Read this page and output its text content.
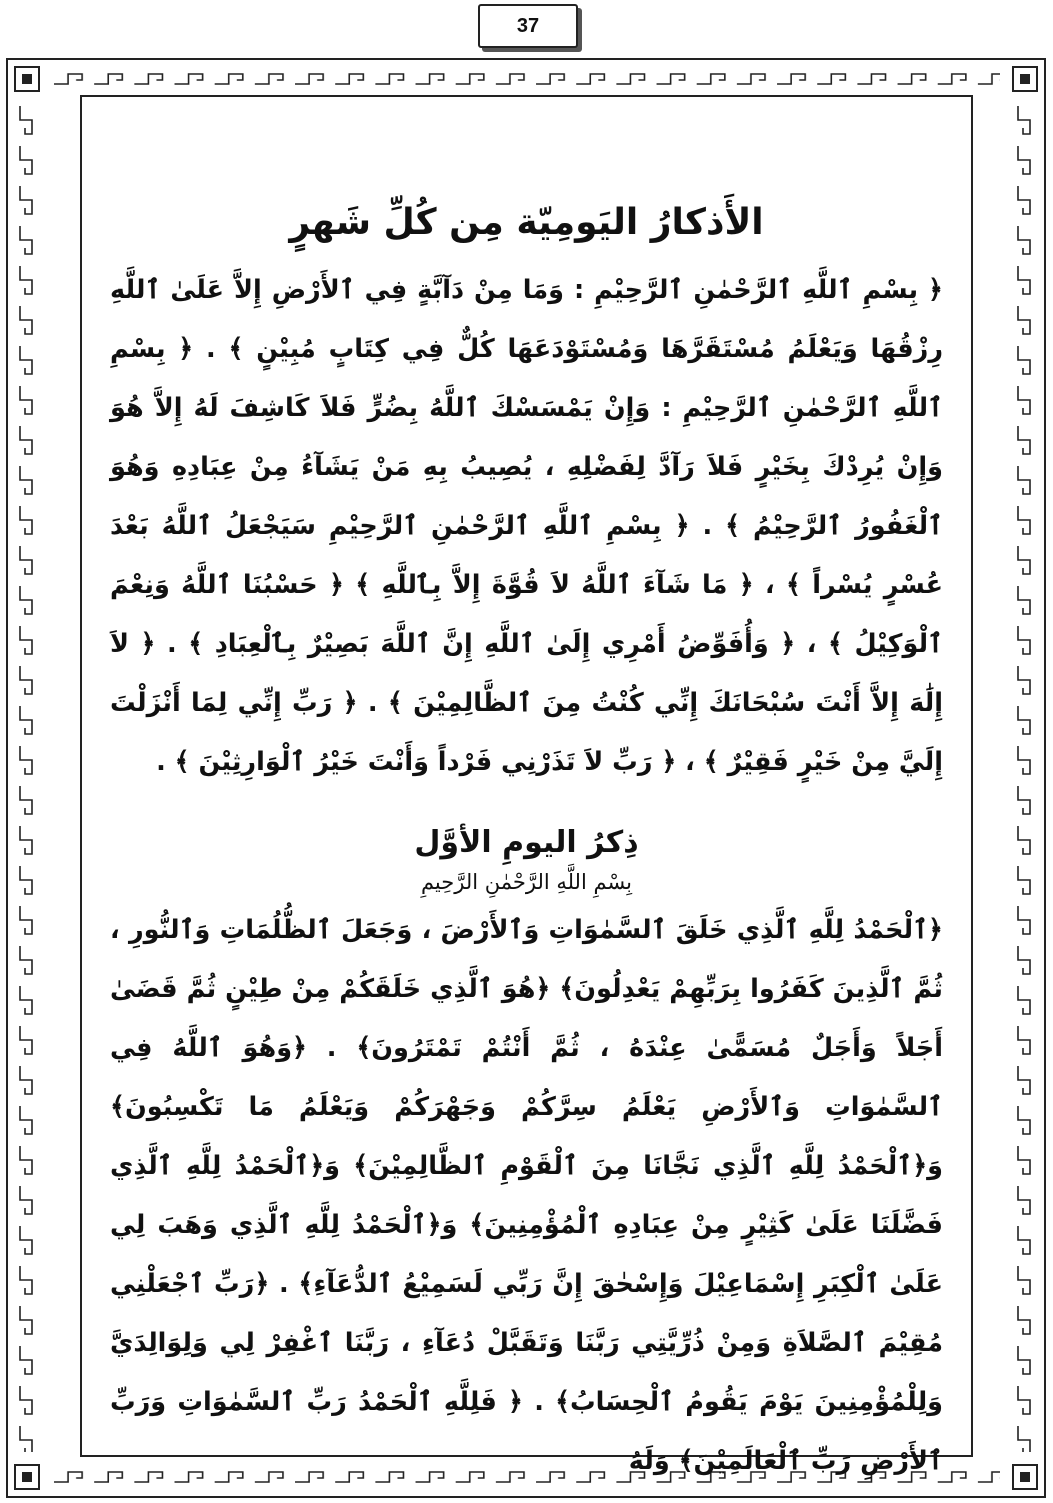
37
الأَذكارُ اليَومِيّة مِن كُلِّ شَهرٍ

﴿ بِسْمِ ٱللَّهِ ٱلرَّحْمٰنِ ٱلرَّحِيْمِ : وَمَا مِنْ دَآبَّةٍ فِي ٱلأَرْضِ إِلاَّ عَلَىٰ ٱللَّهِ رِزْقُهَا وَيَعْلَمُ مُسْتَقَرَّهَا وَمُسْتَوْدَعَهَا كُلٌّ فِي كِتَابٍ مُبِيْنٍ ﴾ . ﴿ بِسْمِ ٱللَّهِ ٱلرَّحْمٰنِ ٱلرَّحِيْمِ : وَإِنْ يَمْسَسْكَ ٱللَّهُ بِضُرٍّ فَلاَ كَاشِفَ لَهُ إِلاَّ هُوَ وَإِنْ يُرِدْكَ بِخَيْرٍ فَلاَ رَآدَّ لِفَضْلِهِ ، يُصِيبُ بِهِ مَنْ يَشَآءُ مِنْ عِبَادِهِ وَهُوَ ٱلْغَفُورُ ٱلرَّحِيْمُ ﴾ . ﴿ بِسْمِ ٱللَّهِ ٱلرَّحْمٰنِ ٱلرَّحِيْمِ سَيَجْعَلُ ٱللَّهُ بَعْدَ عُسْرٍ يُسْراً ﴾ ، ﴿ مَا شَآءَ ٱللَّهُ لاَ قُوَّةَ إِلاَّ بِٱللَّهِ ﴾ ﴿ حَسْبُنَا ٱللَّهُ وَنِعْمَ ٱلْوَكِيْلُ ﴾ ، ﴿ وَأُفَوِّضُ أَمْرِي إِلَىٰ ٱللَّهِ إِنَّ ٱللَّهَ بَصِيْرٌ بِٱلْعِبَادِ ﴾ . ﴿ لاَ إِلَٰهَ إِلاَّ أَنْتَ سُبْحَانَكَ إِنِّي كُنْتُ مِنَ ٱلظَّالِمِيْنَ ﴾ . ﴿ رَبِّ إِنِّي لِمَا أَنْزَلْتَ إِلَيَّ مِنْ خَيْرٍ فَقِيْرٌ ﴾ ، ﴿ رَبِّ لاَ تَذَرْنِي فَرْداً وَأَنْتَ خَيْرُ ٱلْوَارِثِيْنَ ﴾ .

ذِكرُ اليومِ الأوَّل

بِسْمِ اللَّهِ الرَّحْمٰنِ الرَّحِيمِ

﴿ٱلْحَمْدُ لِلَّهِ ٱلَّذِي خَلَقَ ٱلسَّمٰوَاتِ وَٱلأَرْضَ ، وَجَعَلَ ٱلظُّلُمَاتِ وَٱلنُّورِ ، ثُمَّ ٱلَّذِينَ كَفَرُوا بِرَبِّهِمْ يَعْدِلُونَ﴾ ﴿هُوَ ٱلَّذِي خَلَقَكُمْ مِنْ طِيْنٍ ثُمَّ قَضَىٰ أَجَلاً وَأَجَلٌ مُسَمًّىٰ عِنْدَهُ ، ثُمَّ أَنْتُمْ تَمْتَرُونَ﴾ . ﴿وَهُوَ ٱللَّهُ فِي ٱلسَّمٰوَاتِ وَٱلأَرْضِ يَعْلَمُ سِرَّكُمْ وَجَهْرَكُمْ وَيَعْلَمُ مَا تَكْسِبُونَ﴾ وَ﴿ٱلْحَمْدُ لِلَّهِ ٱلَّذِي نَجَّانَا مِنَ ٱلْقَوْمِ ٱلظَّالِمِيْنَ﴾ وَ﴿ٱلْحَمْدُ لِلَّهِ ٱلَّذِي فَضَّلَنَا عَلَىٰ كَثِيْرٍ مِنْ عِبَادِهِ ٱلْمُؤْمِنِينَ﴾ وَ﴿ٱلْحَمْدُ لِلَّهِ ٱلَّذِي وَهَبَ لِي عَلَىٰ ٱلْكِبَرِ إِسْمَاعِيْلَ وَإِسْحٰقَ إِنَّ رَبِّي لَسَمِيْعُ ٱلدُّعَآءِ﴾ . ﴿رَبِّ ٱجْعَلْنِي مُقِيْمَ ٱلصَّلاَةِ وَمِنْ ذُرِّيَّتِي رَبَّنَا وَتَقَبَّلْ دُعَآءِ ، رَبَّنَا ٱغْفِرْ لِي وَلِوَالِدَيَّ وَلِلْمُؤْمِنِينَ يَوْمَ يَقُومُ ٱلْحِسَابُ﴾ . ﴿ فَلِلَّهِ ٱلْحَمْدُ رَبِّ ٱلسَّمٰوَاتِ وَرَبِّ ٱلأَرْضِ رَبِّ ٱلْعَالَمِيْنَ﴾ وَلَهُ
